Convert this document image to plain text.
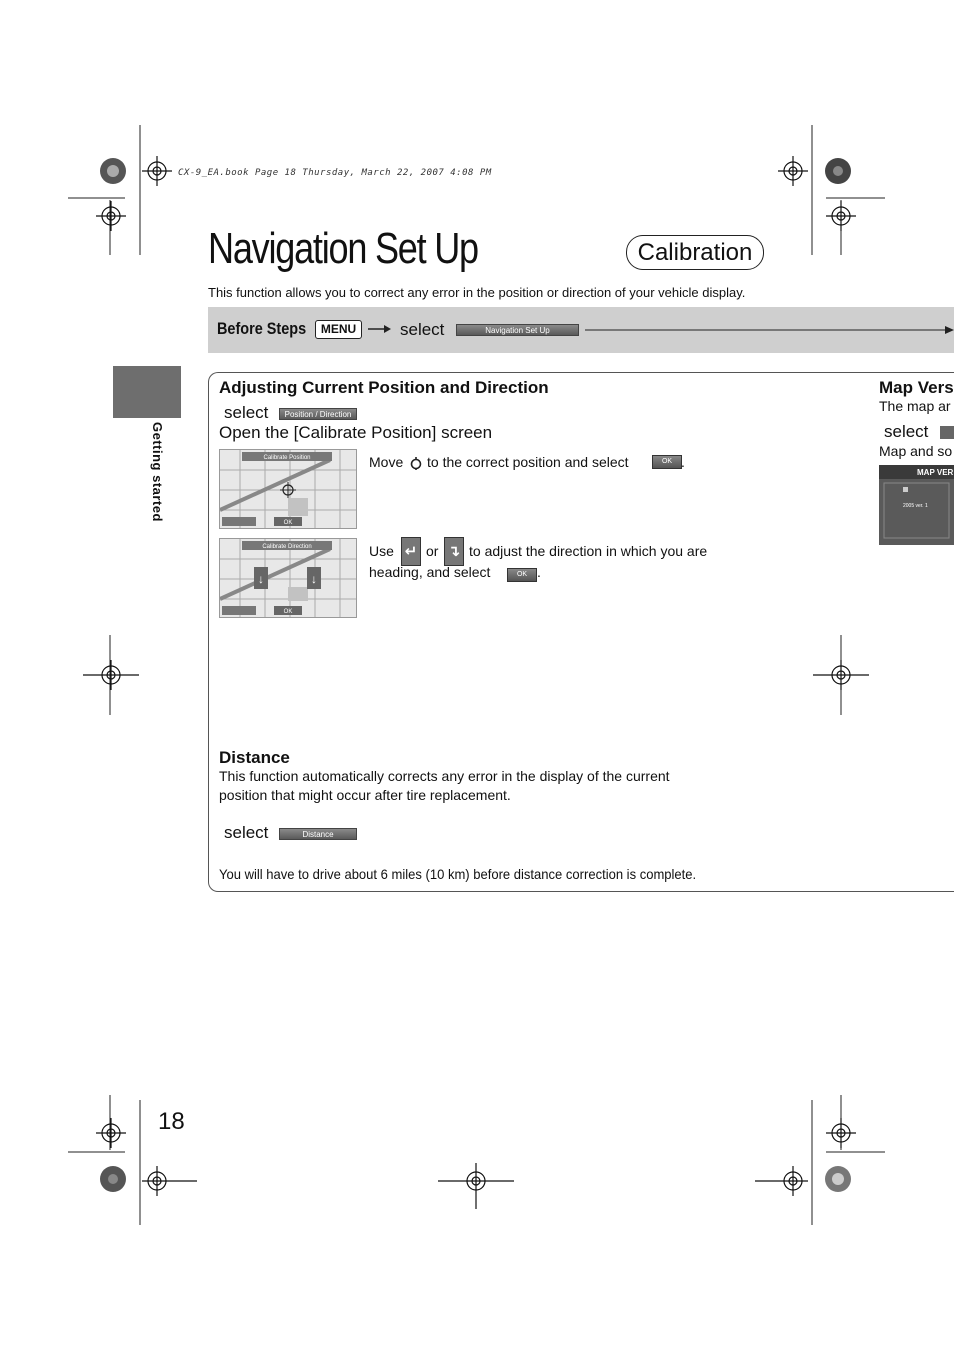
CX-9_EA.book Page 18 Thursday, March 22, 2007 4:08 PM
Navigation Set Up	Calibration
This function allows you to correct any error in the position or direction of your vehicle display.
Before Steps	MENU	select	Navigation Set Up
Getting started
Adjusting Current Position and Direction
select	Position / Direction
Open the [Calibrate Position] screen
Calibrate Position
OK
Move to the correct position and select	OK .
Calibrate Direction
↓	↓
OK
Use ↵ or ↴ to adjust the direction in which you are
heading, and select	OK .
Distance
This function automatically corrects any error in the display of the current
position that might occur after tire replacement.
select	Distance
You will have to drive about 6 miles (10 km) before distance correction is complete.
Map Vers
The map ar
select
Map and so
MAP VER
2005 ver. 1
18
